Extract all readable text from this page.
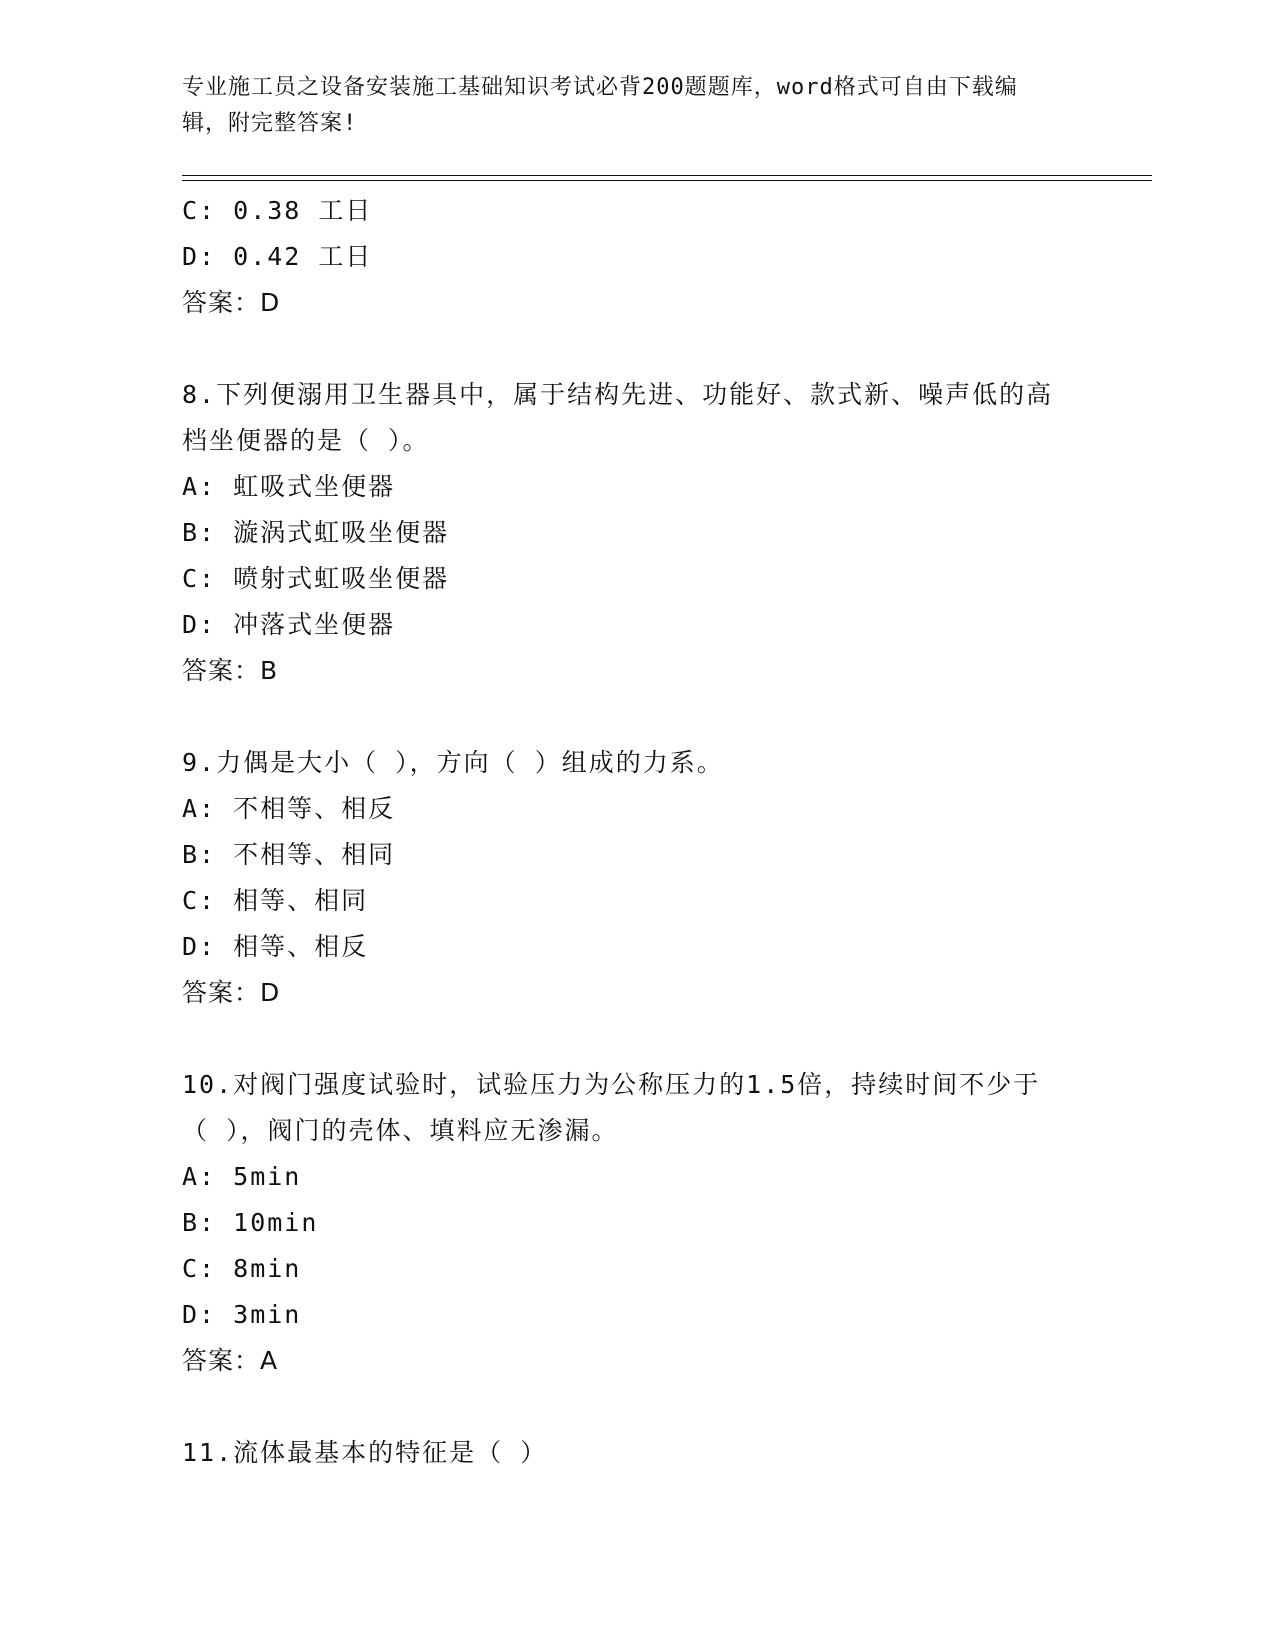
专业施工员之设备安装施工基础知识考试必背200题题库，word格式可自由下载编辑，附完整答案!
C: 0.38 工日
D: 0.42 工日
答案：D
8.下列便溺用卫生器具中，属于结构先进、功能好、款式新、噪声低的高档坐便器的是（ ）。
A: 虹吸式坐便器
B: 漩涡式虹吸坐便器
C: 喷射式虹吸坐便器
D: 冲落式坐便器
答案：B
9.力偶是大小（ ），方向（ ）组成的力系。
A: 不相等、相反
B: 不相等、相同
C: 相等、相同
D: 相等、相反
答案：D
10.对阀门强度试验时，试验压力为公称压力的1.5倍，持续时间不少于（ ），阀门的壳体、填料应无渗漏。
A: 5min
B: 10min
C: 8min
D: 3min
答案：A
11.流体最基本的特征是（ ）
